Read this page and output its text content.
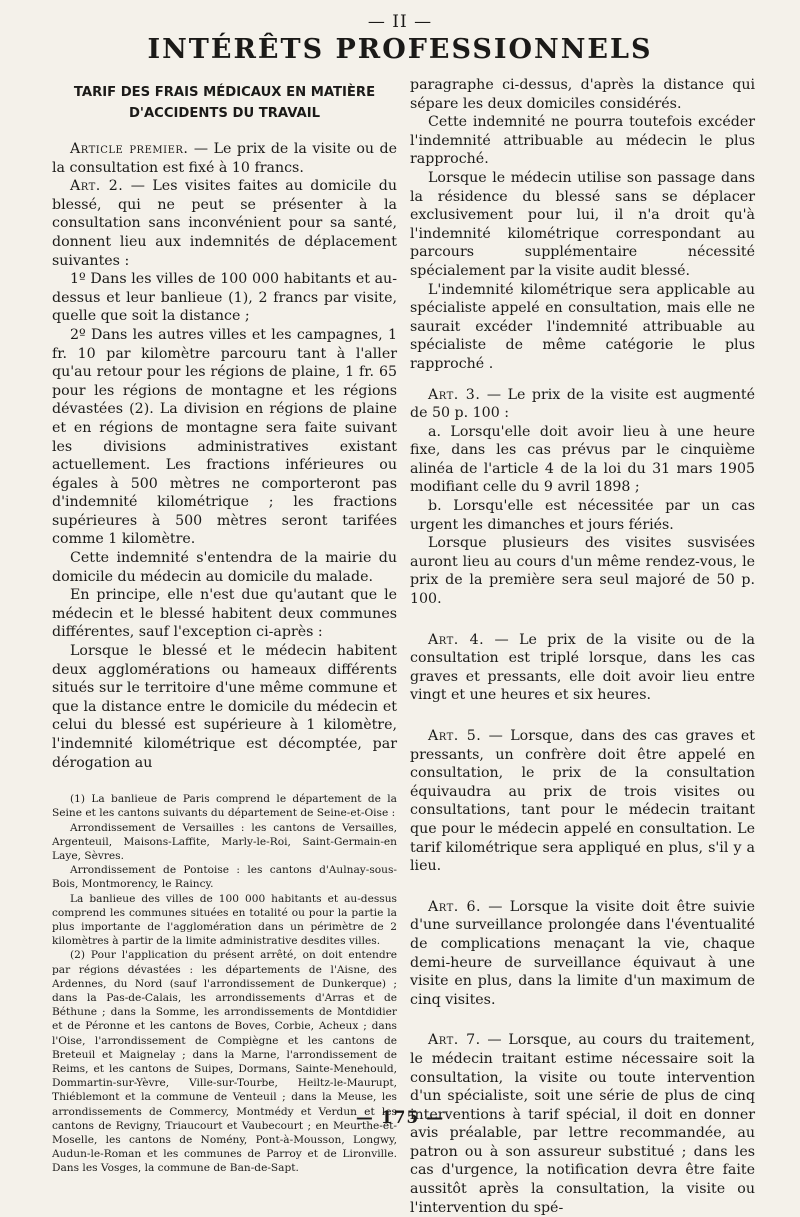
— II —
INTÉRÊTS PROFESSIONNELS
TARIF DES FRAIS MÉDICAUX EN MATIÈRE
D'ACCIDENTS DU TRAVAIL

Article premier. — Le prix de la visite ou de la consultation est fixé à 10 francs.

Art. 2. — Les visites faites au domicile du blessé, qui ne peut se présenter à la consultation sans inconvénient pour sa santé, donnent lieu aux indemnités de déplacement suivantes :

1º Dans les villes de 100 000 habitants et au-dessus et leur banlieue (1), 2 francs par visite, quelle que soit la distance ;

2º Dans les autres villes et les campagnes, 1 fr. 10 par kilomètre parcouru tant à l'aller qu'au retour pour les régions de plaine, 1 fr. 65 pour les régions de montagne et les régions dévastées (2). La division en régions de plaine et en régions de montagne sera faite suivant les divisions administratives existant actuellement. Les fractions inférieures ou égales à 500 mètres ne comporteront pas d'indemnité kilométrique ; les fractions supérieures à 500 mètres seront tarifées comme 1 kilomètre.

Cette indemnité s'entendra de la mairie du domicile du médecin au domicile du malade.

En principe, elle n'est due qu'autant que le médecin et le blessé habitent deux communes différentes, sauf l'exception ci-après :

Lorsque le blessé et le médecin habitent deux agglomérations ou hameaux différents situés sur le territoire d'une même commune et que la distance entre le domicile du médecin et celui du blessé est supérieure à 1 kilomètre, l'indemnité kilométrique est décomptée, par dérogation au

(1) La banlieue de Paris comprend le département de la Seine et les cantons suivants du département de Seine-et-Oise :

Arrondissement de Versailles : les cantons de Versailles, Argenteuil, Maisons-Laffite, Marly-le-Roi, Saint-Germain-en Laye, Sèvres.

Arrondissement de Pontoise : les cantons d'Aulnay-sous-Bois, Montmorency, le Raincy.

La banlieue des villes de 100 000 habitants et au-dessus comprend les communes situées en totalité ou pour la partie la plus importante de l'agglomération dans un périmètre de 2 kilomètres à partir de la limite administrative desdites villes.

(2) Pour l'application du présent arrêté, on doit entendre par régions dévastées : les départements de l'Aisne, des Ardennes, du Nord (sauf l'arrondissement de Dunkerque) ; dans la Pas-de-Calais, les arrondissements d'Arras et de Béthune ; dans la Somme, les arrondissements de Montdidier et de Péronne et les cantons de Boves, Corbie, Acheux ; dans l'Oise, l'arrondissement de Compiègne et les cantons de Breteuil et Maignelay ; dans la Marne, l'arrondissement de Reims, et les cantons de Suipes, Dormans, Sainte-Menehould, Dommartin-sur-Yèvre, Ville-sur-Tourbe, Heiltz-le-Maurupt, Thiéblemont et la commune de Venteuil ; dans la Meuse, les arrondissements de Commercy, Montmédy et Verdun et les cantons de Revigny, Triaucourt et Vaubecourt ; en Meurthe-et-Moselle, les cantons de Nomény, Pont-à-Mousson, Longwy, Audun-le-Roman et les communes de Parroy et de Lironville. Dans les Vosges, la commune de Ban-de-Sapt.

paragraphe ci-dessus, d'après la distance qui sépare les deux domiciles considérés.

Cette indemnité ne pourra toutefois excéder l'indemnité attribuable au médecin le plus rapproché.

Lorsque le médecin utilise son passage dans la résidence du blessé sans se déplacer exclusivement pour lui, il n'a droit qu'à l'indemnité kilométrique correspondant au parcours supplémentaire nécessité spécialement par la visite audit blessé.

L'indemnité kilométrique sera applicable au spécialiste appelé en consultation, mais elle ne saurait excéder l'indemnité attribuable au spécialiste de même catégorie le plus rapproché .

Art. 3. — Le prix de la visite est augmenté de 50 p. 100 :

a. Lorsqu'elle doit avoir lieu à une heure fixe, dans les cas prévus par le cinquième alinéa de l'article 4 de la loi du 31 mars 1905 modifiant celle du 9 avril 1898 ;

b. Lorsqu'elle est nécessitée par un cas urgent les dimanches et jours fériés.

Lorsque plusieurs des visites susvisées auront lieu au cours d'un même rendez-vous, le prix de la première sera seul majoré de 50 p. 100.

Art. 4. — Le prix de la visite ou de la consultation est triplé lorsque, dans les cas graves et pressants, elle doit avoir lieu entre vingt et une heures et six heures.

Art. 5. — Lorsque, dans des cas graves et pressants, un confrère doit être appelé en consultation, le prix de la consultation équivaudra au prix de trois visites ou consultations, tant pour le médecin traitant que pour le médecin appelé en consultation. Le tarif kilométrique sera appliqué en plus, s'il y a lieu.

Art. 6. — Lorsque la visite doit être suivie d'une surveillance prolongée dans l'éventualité de complications menaçant la vie, chaque demi-heure de surveillance équivaut à une visite en plus, dans la limite d'un maximum de cinq visites.

Art. 7. — Lorsque, au cours du traitement, le médecin traitant estime nécessaire soit la consultation, la visite ou toute intervention d'un spécialiste, soit une série de plus de cinq interventions à tarif spécial, il doit en donner avis préalable, par lettre recommandée, au patron ou à son assureur substitué ; dans les cas d'urgence, la notification devra être faite aussitôt après la consultation, la visite ou l'intervention du spé-

— 175 —
